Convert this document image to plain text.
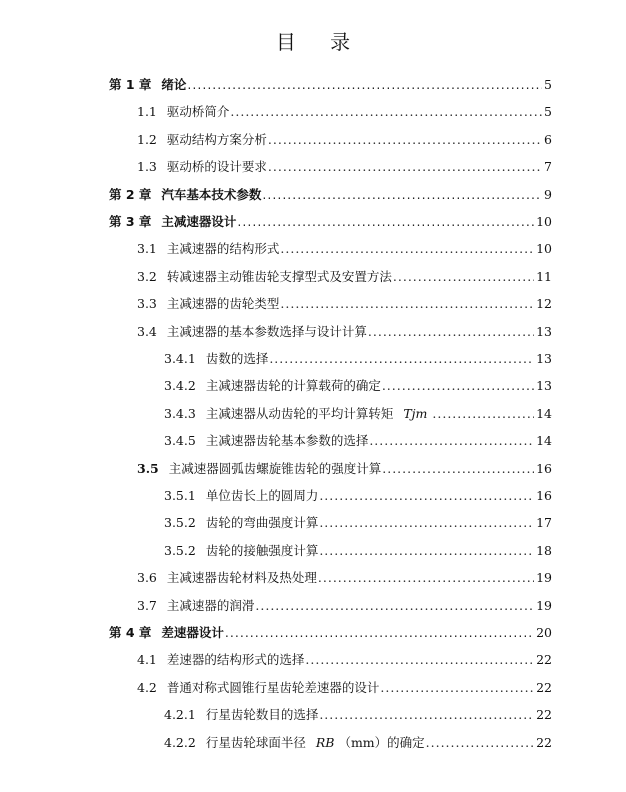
目 录
第 1 章 绪论 .....	5
1.1 驱动桥简介 .....	5
1.2 驱动结构方案分析 .....	6
1.3 驱动桥的设计要求 .....	7
第 2 章 汽车基本技术参数 .....	9
第 3 章 主减速器设计 .....	10
3.1 主减速器的结构形式 .....	10
3.2 转减速器主动锥齿轮支撑型式及安置方法 .....	11
3.3 主减速器的齿轮类型 .....	12
3.4 主减速器的基本参数选择与设计计算 .....	13
3.4.1 齿数的选择 .....	13
3.4.2 主减速器齿轮的计算载荷的确定 .....	13
3.4.3 主减速器从动齿轮的平均计算转矩 Tjm .....	14
3.4.5 主减速器齿轮基本参数的选择 .....	14
3.5 主减速器圆弧齿螺旋锥齿轮的强度计算 .....	16
3.5.1 单位齿长上的圆周力 .....	16
3.5.2 齿轮的弯曲强度计算 .....	17
3.5.2 齿轮的接触强度计算 .....	18
3.6 主减速器齿轮材料及热处理 .....	19
3.7 主减速器的润滑 .....	19
第 4 章 差速器设计 .....	20
4.1 差速器的结构形式的选择 .....	22
4.2 普通对称式圆锥行星齿轮差速器的设计 .....	22
4.2.1 行星齿轮数目的选择 .....	22
4.2.2 行星齿轮球面半径 RB （mm）的确定 .....	22
